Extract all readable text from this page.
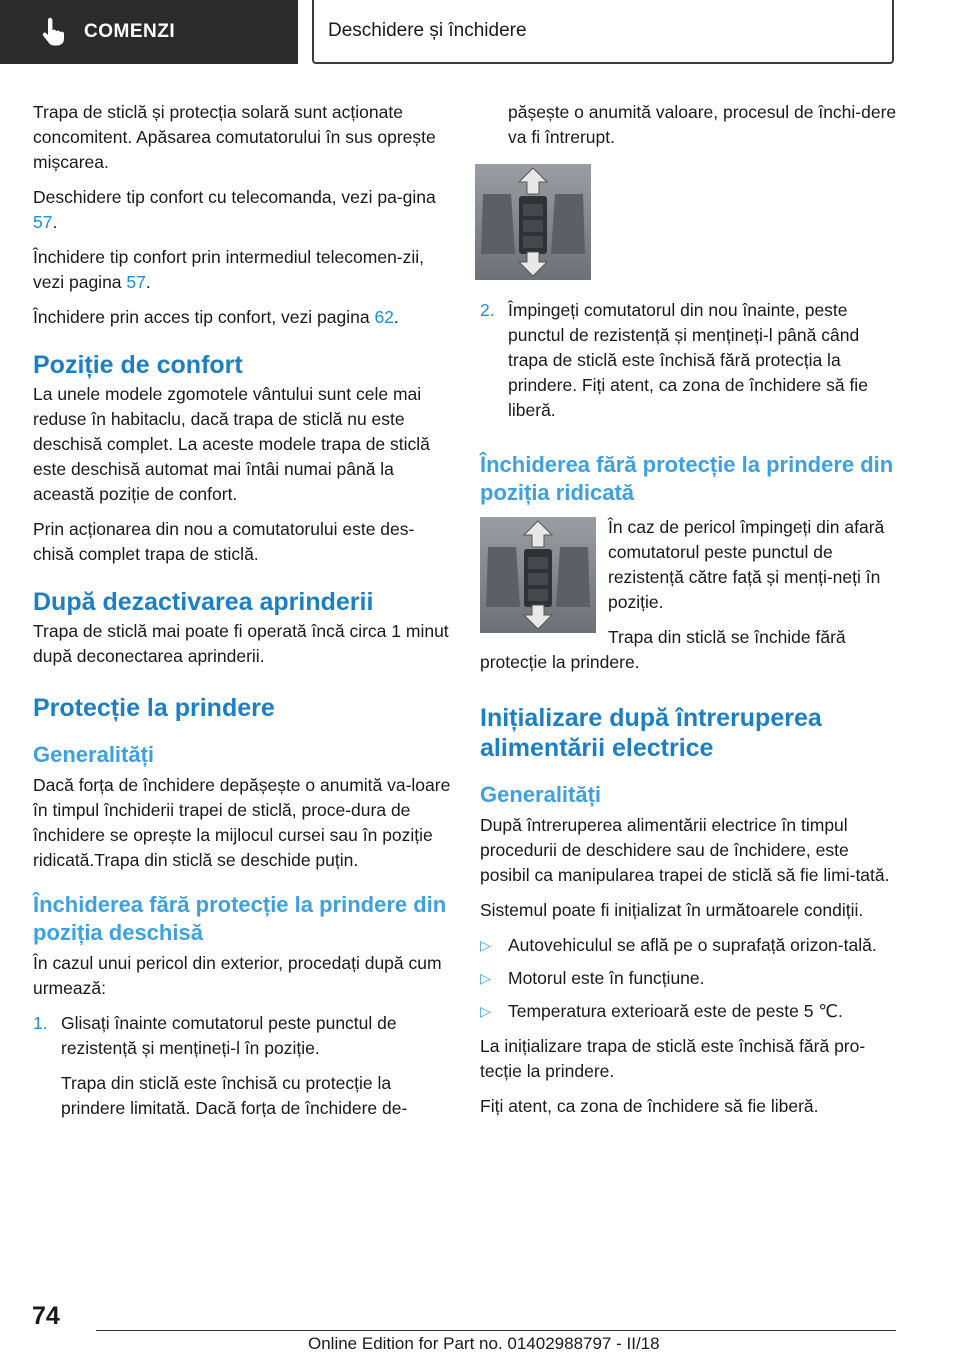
COMENZI	Deschidere și închidere

Trapa de sticlă și protecția solară sunt acționate concomitent. Apăsarea comutatorului în sus oprește mișcarea.

Deschidere tip confort cu telecomanda, vezi pa-gina 57.

Închidere tip confort prin intermediul telecomen-zii, vezi pagina 57.

Închidere prin acces tip confort, vezi pagina 62.

Poziție de confort

La unele modele zgomotele vântului sunt cele mai reduse în habitaclu, dacă trapa de sticlă nu este deschisă complet. La aceste modele trapa de sticlă este deschisă automat mai întâi numai până la această poziție de confort.

Prin acționarea din nou a comutatorului este des-chisă complet trapa de sticlă.

După dezactivarea aprinderii

Trapa de sticlă mai poate fi operată încă circa 1 minut după deconectarea aprinderii.

Protecție la prindere
Generalități

Dacă forța de închidere depășește o anumită va-loare în timpul închiderii trapei de sticlă, proce-dura de închidere se oprește la mijlocul cursei sau în poziție ridicată.Trapa din sticlă se deschide puțin.

Închiderea fără protecție la prindere din poziția deschisă

În cazul unui pericol din exterior, procedați după cum urmează:

1. Glisați înainte comutatorul peste punctul de rezistență și mențineți-l în poziție.

Trapa din sticlă este închisă cu protecție la prindere limitată. Dacă forța de închidere de-

pășește o anumită valoare, procesul de închi-dere va fi întrerupt.

2. Împingeți comutatorul din nou înainte, peste punctul de rezistență și mențineți-l până când trapa de sticlă este închisă fără protecția la prindere. Fiți atent, ca zona de închidere să fie liberă.

Închiderea fără protecție la prindere din poziția ridicată

În caz de pericol împingeți din afară comutatorul peste punctul de rezistență către față și menți-neți în poziție.

Trapa din sticlă se închide fără protecție la prindere.

Inițializare după întreruperea alimentării electrice
Generalități

După întreruperea alimentării electrice în timpul procedurii de deschidere sau de închidere, este posibil ca manipularea trapei de sticlă să fie limi-tată.

Sistemul poate fi inițializat în următoarele condiții.

▷ Autovehiculul se află pe o suprafață orizon-tală.

▷ Motorul este în funcțiune.

▷ Temperatura exterioară este de peste 5 ℃.

La inițializare trapa de sticlă este închisă fără pro-tecție la prindere.

Fiți atent, ca zona de închidere să fie liberă.

74
Online Edition for Part no. 01402988797 - II/18
